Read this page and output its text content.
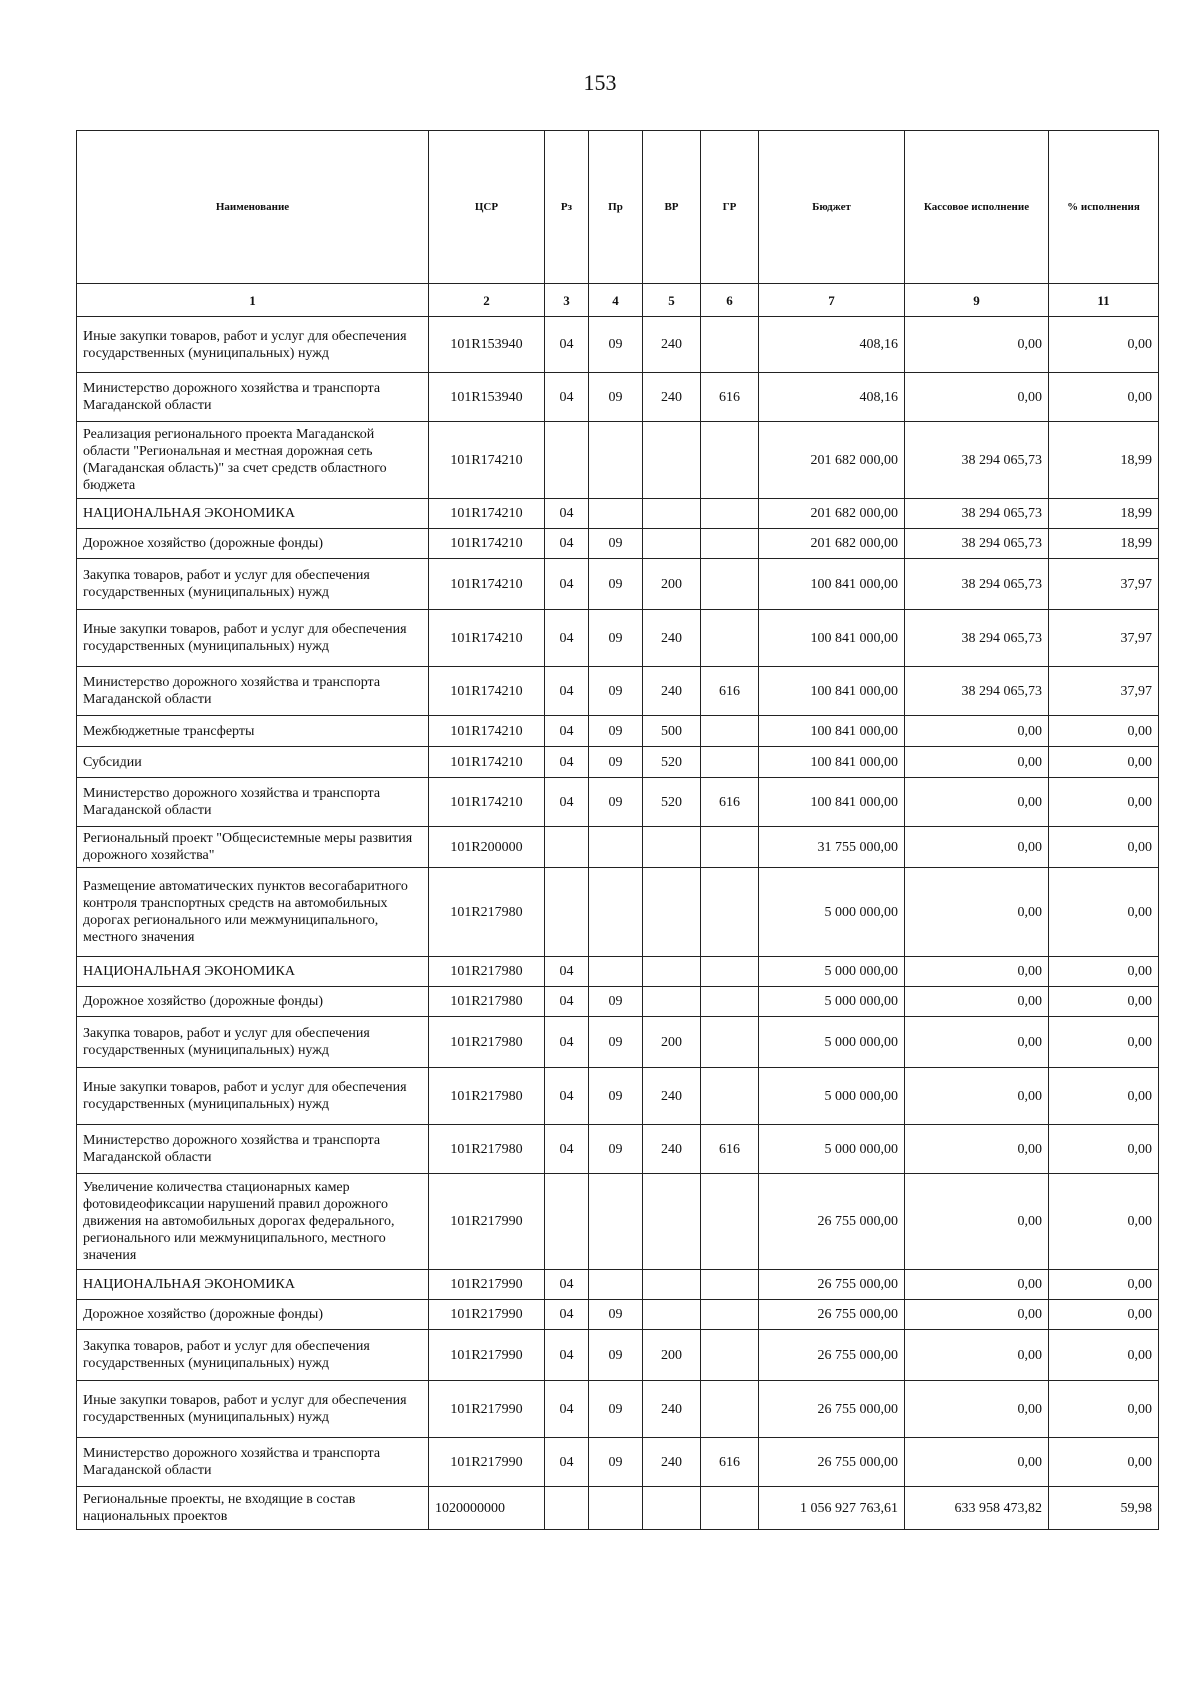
153
Наименование	ЦСР	Рз	Пр	ВР	ГР	Бюджет	Кассовое исполнение	% исполнения
1	2	3	4	5	6	7	9	11
Иные закупки товаров, работ и услуг для обеспечения государственных (муниципальных) нужд	101R153940	04	09	240		408,16	0,00	0,00
Министерство дорожного хозяйства и транспорта Магаданской области	101R153940	04	09	240	616	408,16	0,00	0,00
Реализация регионального проекта Магаданской области "Региональная и местная дорожная сеть (Магаданская область)" за счет средств областного бюджета	101R174210					201 682 000,00	38 294 065,73	18,99
НАЦИОНАЛЬНАЯ ЭКОНОМИКА	101R174210	04				201 682 000,00	38 294 065,73	18,99
Дорожное хозяйство (дорожные фонды)	101R174210	04	09			201 682 000,00	38 294 065,73	18,99
Закупка товаров, работ и услуг для обеспечения государственных (муниципальных) нужд	101R174210	04	09	200		100 841 000,00	38 294 065,73	37,97
Иные закупки товаров, работ и услуг для обеспечения государственных (муниципальных) нужд	101R174210	04	09	240		100 841 000,00	38 294 065,73	37,97
Министерство дорожного хозяйства и транспорта Магаданской области	101R174210	04	09	240	616	100 841 000,00	38 294 065,73	37,97
Межбюджетные трансферты	101R174210	04	09	500		100 841 000,00	0,00	0,00
Субсидии	101R174210	04	09	520		100 841 000,00	0,00	0,00
Министерство дорожного хозяйства и транспорта Магаданской области	101R174210	04	09	520	616	100 841 000,00	0,00	0,00
Региональный проект "Общесистемные меры развития дорожного хозяйства"	101R200000					31 755 000,00	0,00	0,00
Размещение автоматических пунктов весогабаритного контроля транспортных средств на автомобильных дорогах регионального или межмуниципального, местного значения	101R217980					5 000 000,00	0,00	0,00
НАЦИОНАЛЬНАЯ ЭКОНОМИКА	101R217980	04				5 000 000,00	0,00	0,00
Дорожное хозяйство (дорожные фонды)	101R217980	04	09			5 000 000,00	0,00	0,00
Закупка товаров, работ и услуг для обеспечения государственных (муниципальных) нужд	101R217980	04	09	200		5 000 000,00	0,00	0,00
Иные закупки товаров, работ и услуг для обеспечения государственных (муниципальных) нужд	101R217980	04	09	240		5 000 000,00	0,00	0,00
Министерство дорожного хозяйства и транспорта Магаданской области	101R217980	04	09	240	616	5 000 000,00	0,00	0,00
Увеличение количества стационарных камер фотовидеофиксации нарушений правил дорожного движения на автомобильных дорогах федерального, регионального или межмуниципального, местного значения	101R217990					26 755 000,00	0,00	0,00
НАЦИОНАЛЬНАЯ ЭКОНОМИКА	101R217990	04				26 755 000,00	0,00	0,00
Дорожное хозяйство (дорожные фонды)	101R217990	04	09			26 755 000,00	0,00	0,00
Закупка товаров, работ и услуг для обеспечения государственных (муниципальных) нужд	101R217990	04	09	200		26 755 000,00	0,00	0,00
Иные закупки товаров, работ и услуг для обеспечения государственных (муниципальных) нужд	101R217990	04	09	240		26 755 000,00	0,00	0,00
Министерство дорожного хозяйства и транспорта Магаданской области	101R217990	04	09	240	616	26 755 000,00	0,00	0,00
Региональные проекты, не входящие в состав национальных проектов	1020000000					1 056 927 763,61	633 958 473,82	59,98
